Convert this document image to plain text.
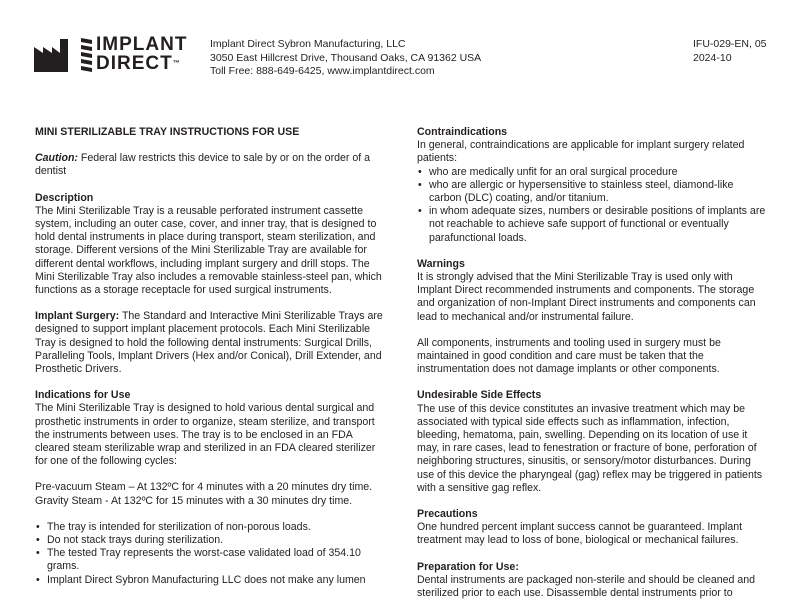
IMPLANT
DIRECT™
Implant Direct Sybron Manufacturing, LLC
3050 East Hillcrest Drive, Thousand Oaks, CA 91362 USA
Toll Free: 888-649-6425, www.implantdirect.com
IFU-029-EN, 05
2024-10

MINI STERILIZABLE TRAY INSTRUCTIONS FOR USE

Caution: Federal law restricts this device to sale by or on the order of a dentist

Description

The Mini Sterilizable Tray is a reusable perforated instrument cassette system, including an outer case, cover, and inner tray, that is designed to hold dental instruments in place during transport, steam sterilization, and storage. Different versions of the Mini Sterilizable Tray are available for different dental workflows, including implant surgery and drill stops. The Mini Sterilizable Tray also includes a removable stainless-steel pan, which functions as a storage receptacle for used surgical instruments.

Implant Surgery: The Standard and Interactive Mini Sterilizable Trays are designed to support implant placement protocols. Each Mini Sterilizable Tray is designed to hold the following dental instruments: Surgical Drills, Paralleling Tools, Implant Drivers (Hex and/or Conical), Drill Extender, and Prosthetic Drivers.

Indications for Use

The Mini Sterilizable Tray is designed to hold various dental surgical and prosthetic instruments in order to organize, steam sterilize, and transport the instruments between uses. The tray is to be enclosed in an FDA cleared steam sterilizable wrap and sterilized in an FDA cleared sterilizer for one of the following cycles:

Pre-vacuum Steam – At 132ºC for 4 minutes with a 20 minutes dry time.

Gravity Steam - At 132ºC for 15 minutes with a 30 minutes dry time.

• The tray is intended for sterilization of non-porous loads.
• Do not stack trays during sterilization.
• The tested Tray represents the worst-case validated load of 354.10 grams.
• Implant Direct Sybron Manufacturing LLC does not make any lumen

Contraindications

In general, contraindications are applicable for implant surgery related patients:

• who are medically unfit for an oral surgical procedure
• who are allergic or hypersensitive to stainless steel, diamond-like carbon (DLC) coating, and/or titanium.
• in whom adequate sizes, numbers or desirable positions of implants are not reachable to achieve safe support of functional or eventually parafunctional loads.

Warnings

It is strongly advised that the Mini Sterilizable Tray is used only with Implant Direct recommended instruments and components. The storage and organization of non-Implant Direct instruments and components can lead to mechanical and/or instrumental failure.

All components, instruments and tooling used in surgery must be maintained in good condition and care must be taken that the instrumentation does not damage implants or other components.

Undesirable Side Effects

The use of this device constitutes an invasive treatment which may be associated with typical side effects such as inflammation, infection, bleeding, hematoma, pain, swelling. Depending on its location of use it may, in rare cases, lead to fenestration or fracture of bone, perforation of neighboring structures, sinusitis, or sensory/motor disturbances. During use of this device the pharyngeal (gag) reflex may be triggered in patients with a sensitive gag reflex.

Precautions

One hundred percent implant success cannot be guaranteed. Implant treatment may lead to loss of bone, biological or mechanical failures.

Preparation for Use:

Dental instruments are packaged non-sterile and should be cleaned and sterilized prior to each use. Disassemble dental instruments prior to
